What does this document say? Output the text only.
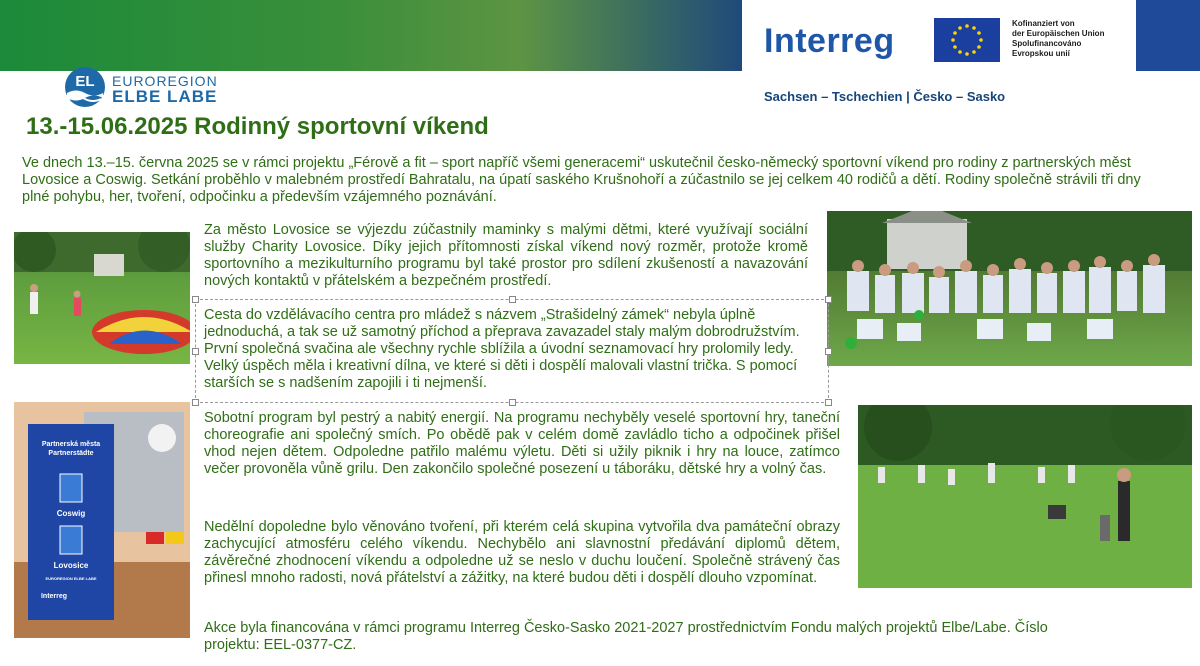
Interreg	Kofinanziert von
der Europäischen Union
Spolufinancováno
Evropskou unií
Sachsen – Tschechien | Česko – Sasko
EL EUROREGION
ELBE LABE
13.-15.06.2025 Rodinný sportovní víkend

Ve dnech 13.–15. června 2025 se v rámci projektu „Férově a fit – sport napříč všemi generacemi“ uskutečnil česko-německý sportovní víkend pro rodiny z partnerských měst Lovosice a Coswig. Setkání proběhlo v malebném prostředí Bahratalu, na úpatí saského Krušnohoří a zúčastnilo se jej celkem 40 rodičů a dětí. Rodiny společně strávili tři dny plné pohybu, her, tvoření, odpočinku a především vzájemného poznávání.

Za město Lovosice se výjezdu zúčastnily maminky s malými dětmi, které využívají sociální služby Charity Lovosice. Díky jejich přítomnosti získal víkend nový rozměr, protože kromě sportovního a mezikulturního programu byl také prostor pro sdílení zkušeností a navazování nových kontaktů v přátelském a bezpečném prostředí.

Cesta do vzdělávacího centra pro mládež s názvem „Strašidelný zámek“ nebyla úplně jednoduchá, a tak se už samotný příchod a přeprava zavazadel staly malým dobrodružstvím. První společná svačina ale všechny rychle sblížila a úvodní seznamovací hry prolomily ledy. Velký úspěch měla i kreativní dílna, ve které si děti i dospělí malovali vlastní trička. S pomocí starších se s nadšením zapojili i ti nejmenší.

Partnerská města
Partnerstädte
Coswig
Lovosice
EUROREGION ELBE LABE
Interreg

Sobotní program byl pestrý a nabitý energií. Na programu nechyběly veselé sportovní hry, taneční choreografie ani společný smích. Po obědě pak v celém domě zavládlo ticho a odpočinek přišel vhod nejen dětem. Odpoledne patřilo malému výletu. Děti si užily piknik i hry na louce, zatímco večer provoněla vůně grilu. Den zakončilo společné posezení u táboráku, dětské hry a volný čas.

Nedělní dopoledne bylo věnováno tvoření, při kterém celá skupina vytvořila dva památeční obrazy zachycující atmosféru celého víkendu. Nechybělo ani slavnostní předávání diplomů dětem, závěrečné zhodnocení víkendu a odpoledne už se neslo v duchu loučení. Společně strávený čas přinesl mnoho radosti, nová přátelství a zážitky, na které budou děti i dospělí dlouho vzpomínat.

Akce byla financována v rámci programu Interreg Česko-Sasko 2021-2027 prostřednictvím Fondu malých projektů Elbe/Labe. Číslo projektu: EEL-0377-CZ.
